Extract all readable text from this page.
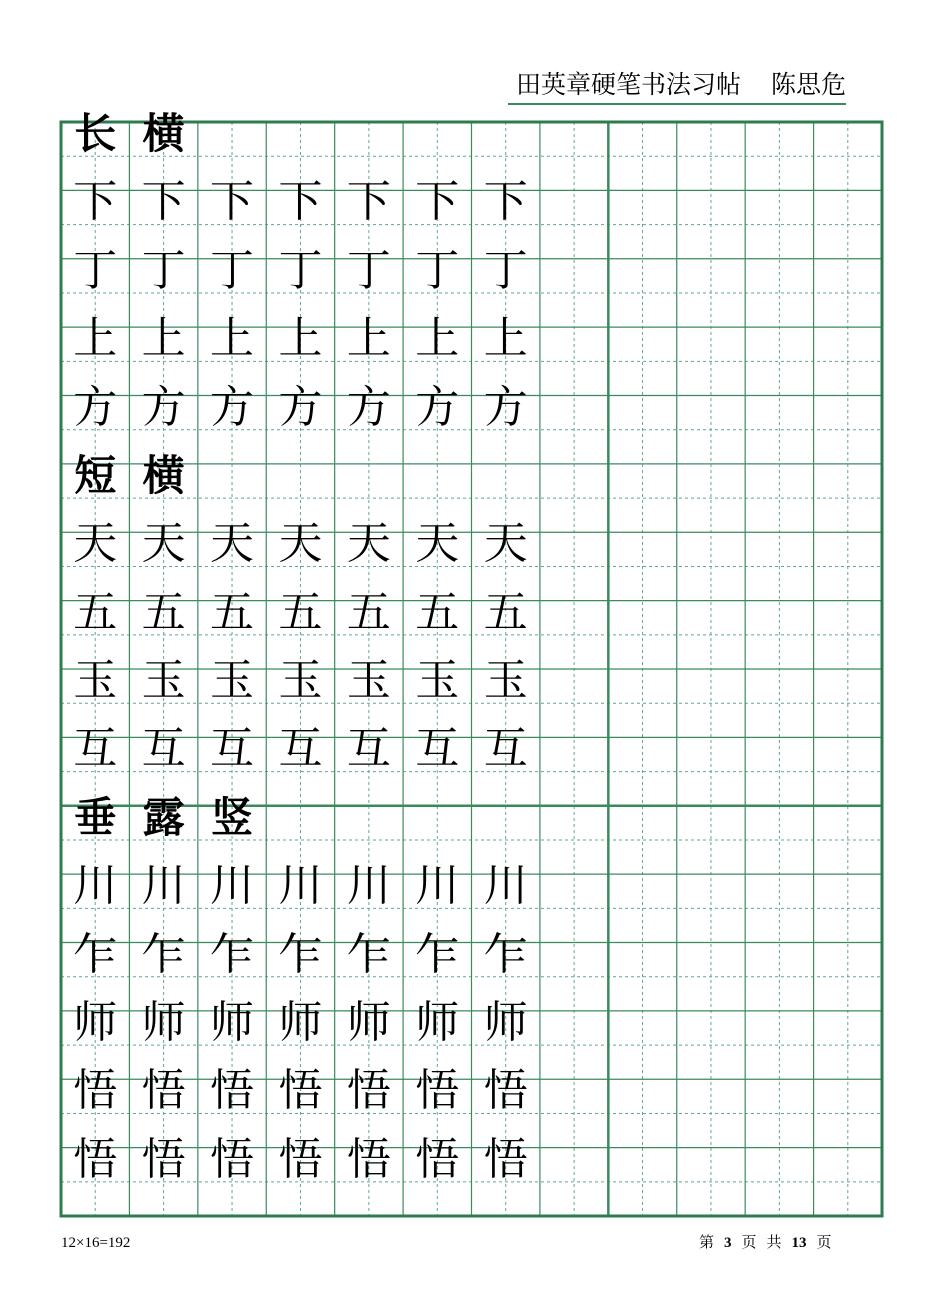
田英章硬笔书法习帖 陈思危
长 横
下 下 下 下 下 下 下
丁 丁 丁 丁 丁 丁 丁
上 上 上 上 上 上 上
方 方 方 方 方 方 方
短 横
天 天 天 天 天 天 天
五 五 五 五 五 五 五
玉 玉 玉 玉 玉 玉 玉
互 互 互 互 互 互 互
垂 露 竖
川 川 川 川 川 川 川
乍 乍 乍 乍 乍 乍 乍
师 师 师 师 师 师 师
悟 悟 悟 悟 悟 悟 悟
悟 悟 悟 悟 悟 悟 悟
12×16=192	第 3 页 共 13 页
